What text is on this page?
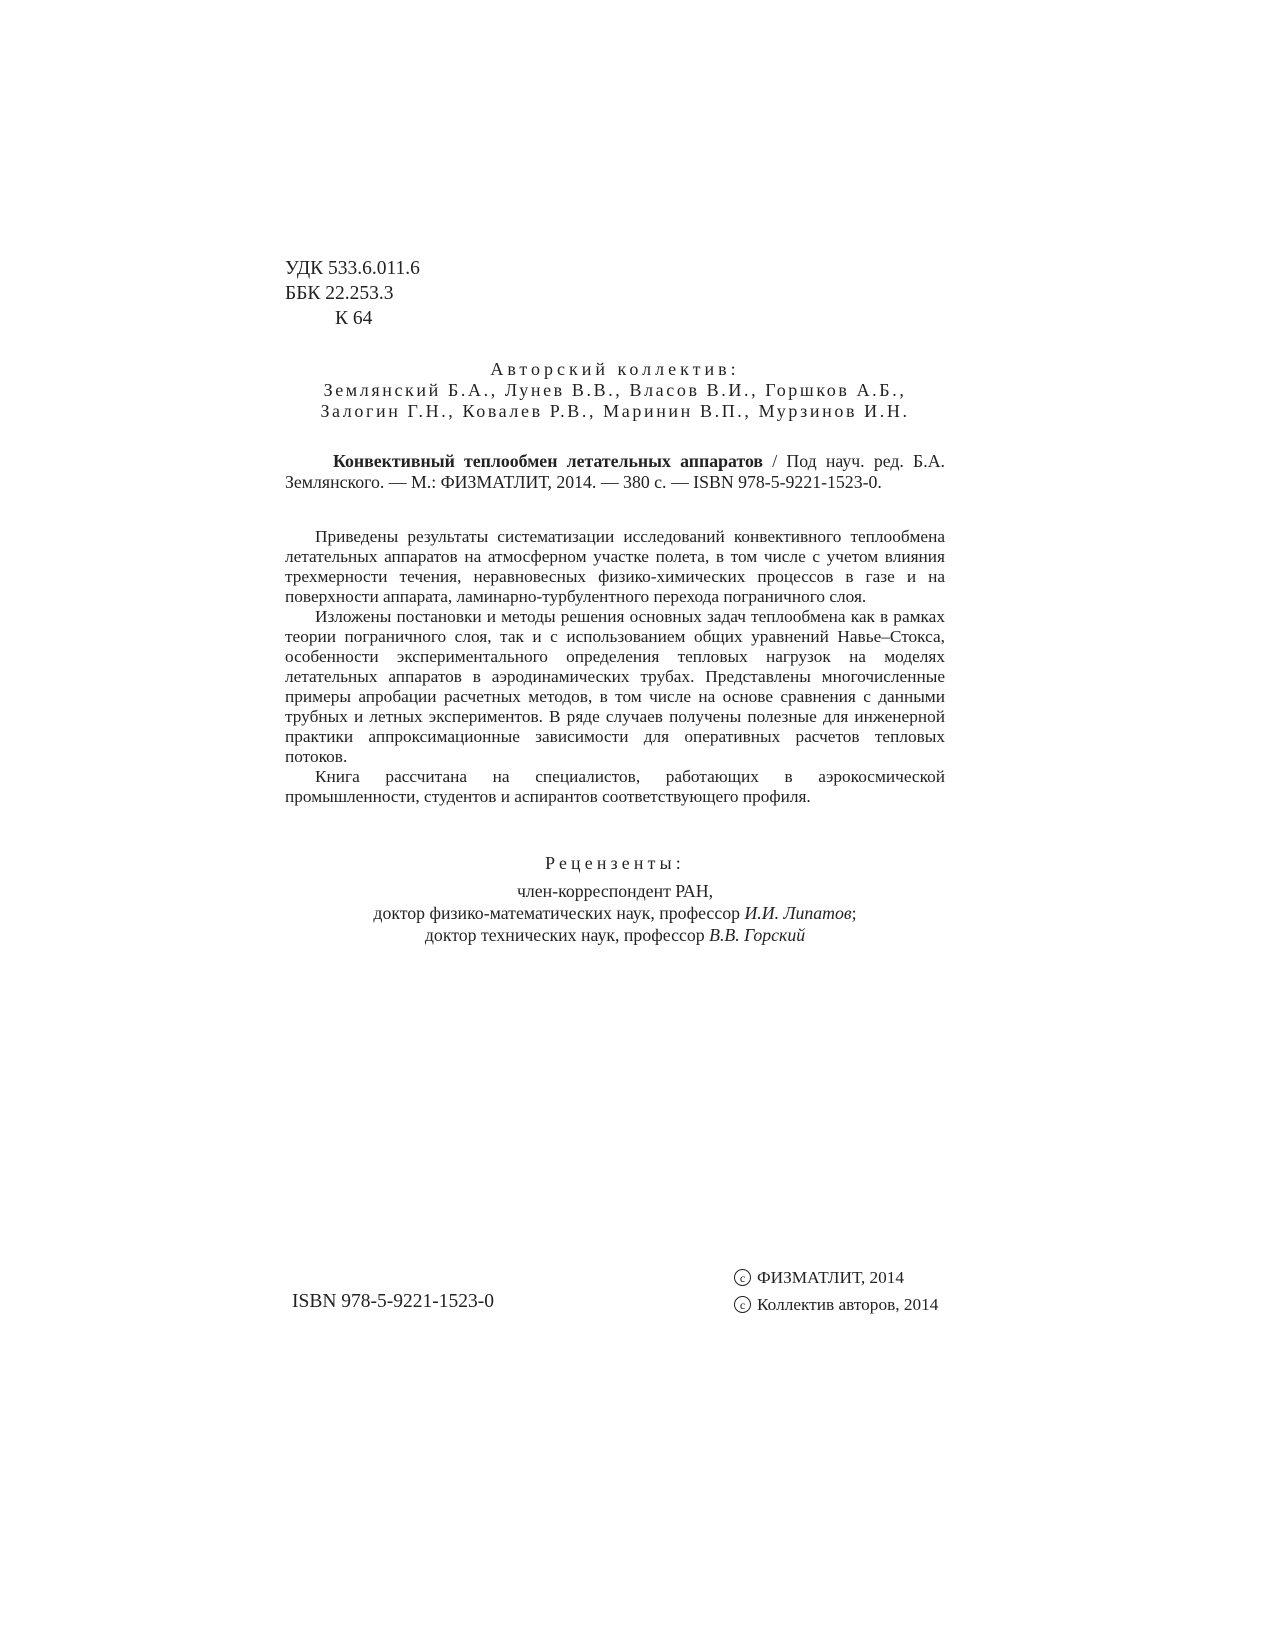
УДК 533.6.011.6
ББК 22.253.3
К 64
Авторский коллектив:
Землянский Б.А., Лунев В.В., Власов В.И., Горшков А.Б.,
Залогин Г.Н., Ковалев Р.В., Маринин В.П., Мурзинов И.Н.

Конвективный теплообмен летательных аппаратов / Под науч. ред. Б.А. Землянского. — М.: ФИЗМАТЛИТ, 2014. — 380 с. — ISBN 978-5-9221-1523-0.

Приведены результаты систематизации исследований конвективного теплообмена летательных аппаратов на атмосферном участке полета, в том числе с учетом влияния трехмерности течения, неравновесных физико-химических процессов в газе и на поверхности аппарата, ламинарно-турбулентного перехода пограничного слоя.

Изложены постановки и методы решения основных задач теплообмена как в рамках теории пограничного слоя, так и с использованием общих уравнений Навье–Стокса, особенности экспериментального определения тепловых нагрузок на моделях летательных аппаратов в аэродинамических трубах. Представлены многочисленные примеры апробации расчетных методов, в том числе на основе сравнения с данными трубных и летных экспериментов. В ряде случаев получены полезные для инженерной практики аппроксимационные зависимости для оперативных расчетов тепловых потоков.

Книга рассчитана на специалистов, работающих в аэрокосмической промышленности, студентов и аспирантов соответствующего профиля.

Рецензенты:
член-корреспондент РАН,
доктор физико-математических наук, профессор И.И. Липатов;
доктор технических наук, профессор В.В. Горский
ISBN 978-5-9221-1523-0
c ФИЗМАТЛИТ, 2014
c Коллектив авторов, 2014
